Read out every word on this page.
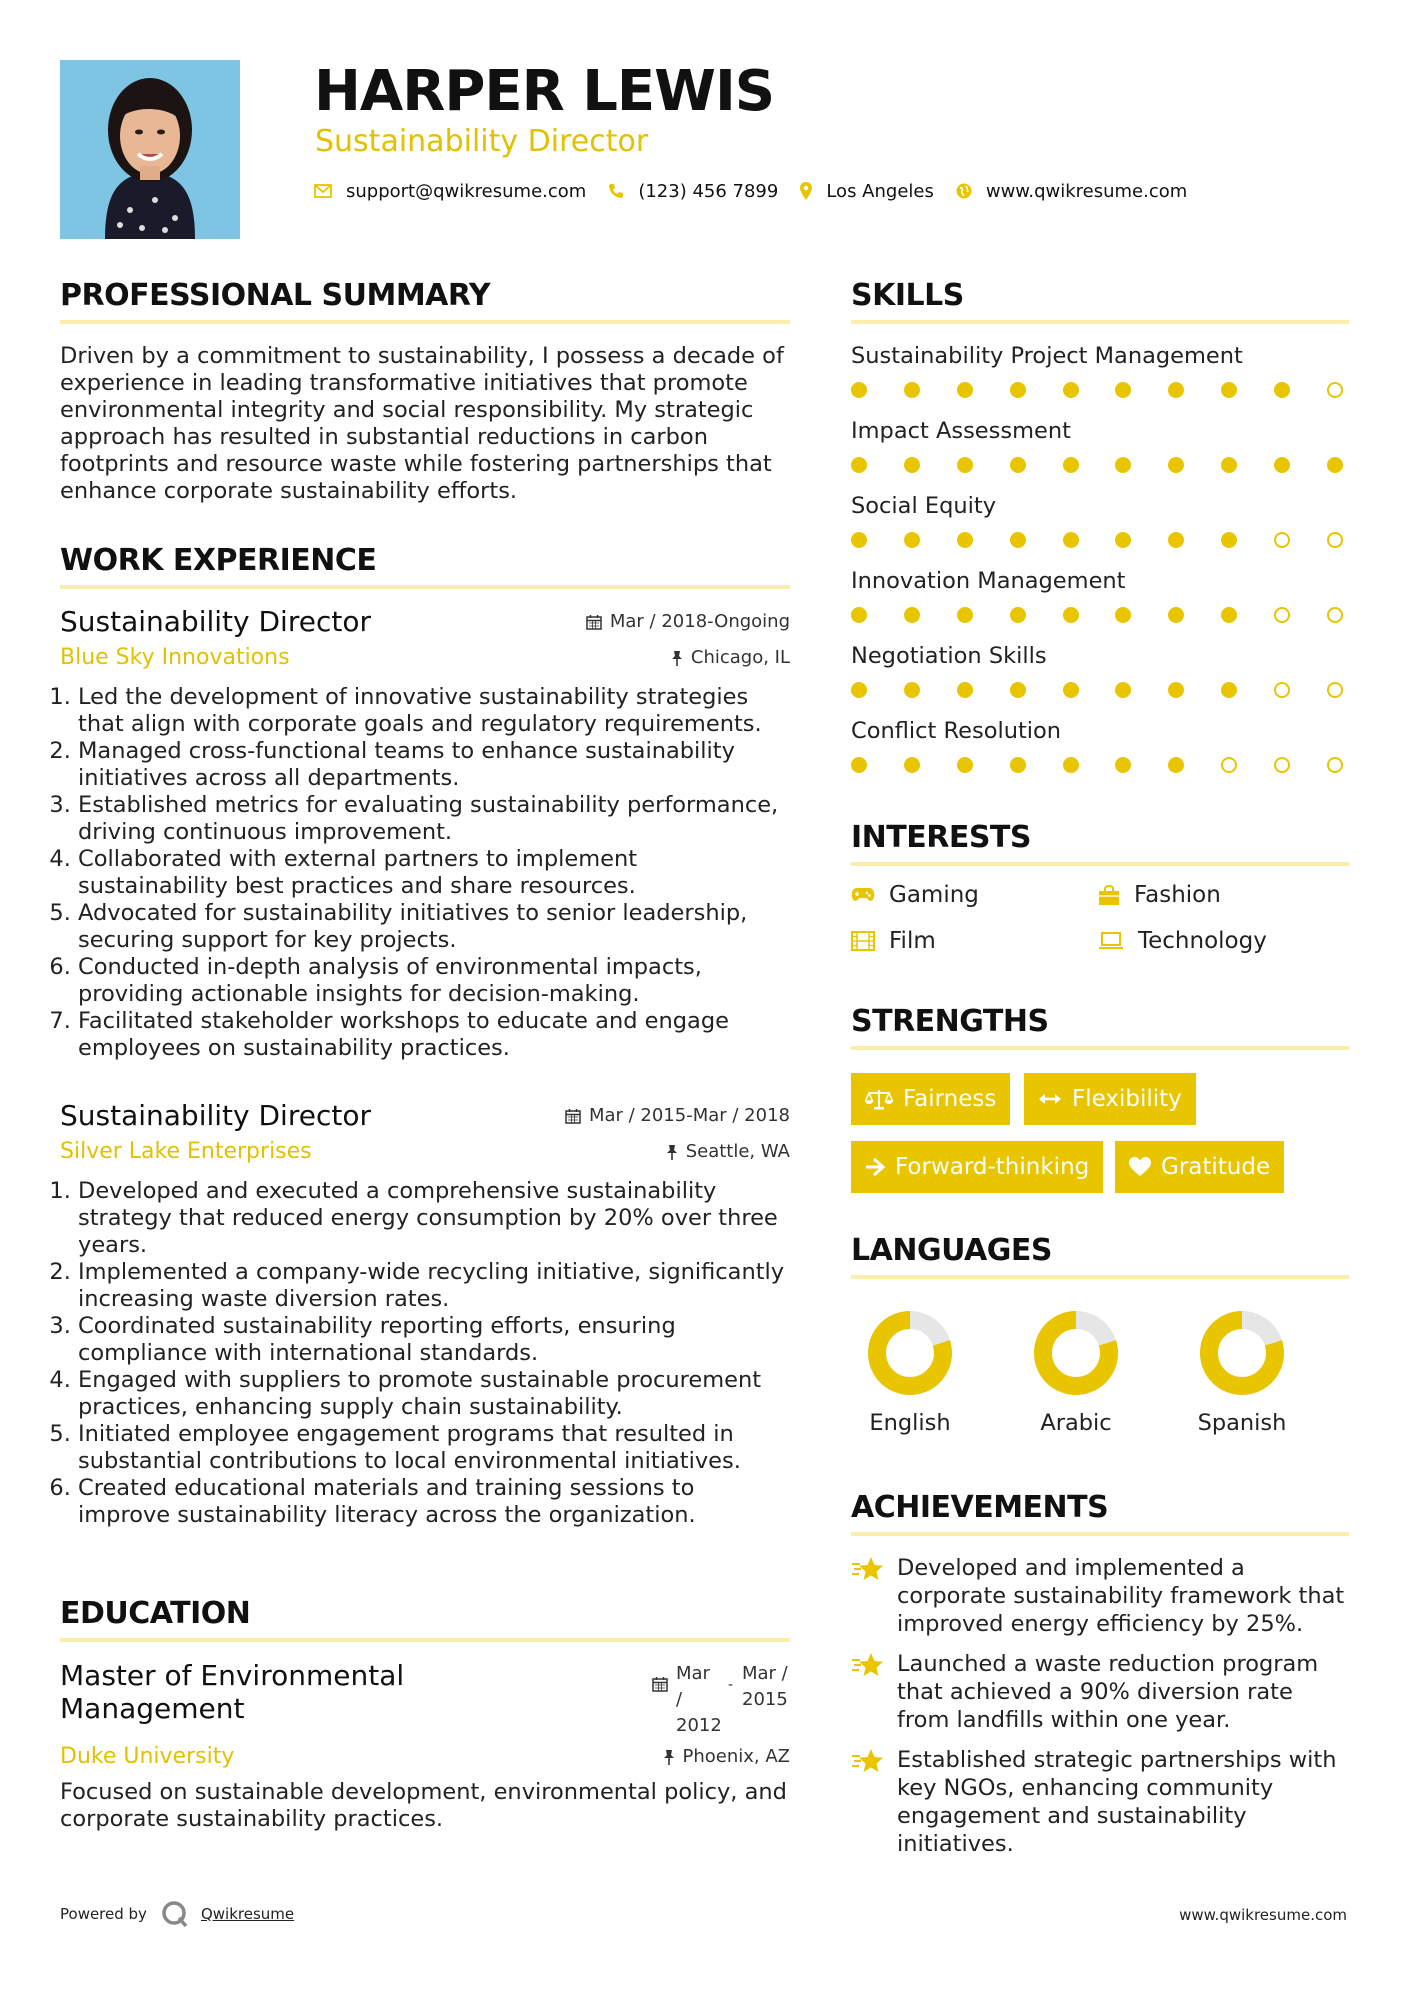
HARPER LEWIS
Sustainability Director
support@qwikresume.com	(123) 456 7899	Los Angeles	www.qwikresume.com
PROFESSIONAL SUMMARY
Driven by a commitment to sustainability, I possess a decade of experience in leading transformative initiatives that promote environmental integrity and social responsibility. My strategic approach has resulted in substantial reductions in carbon footprints and resource waste while fostering partnerships that enhance corporate sustainability efforts.
WORK EXPERIENCE
Sustainability Director	Mar / 2018-Ongoing
Blue Sky Innovations	Chicago, IL
1. Led the development of innovative sustainability strategies that align with corporate goals and regulatory requirements.
2. Managed cross-functional teams to enhance sustainability initiatives across all departments.
3. Established metrics for evaluating sustainability performance, driving continuous improvement.
4. Collaborated with external partners to implement sustainability best practices and share resources.
5. Advocated for sustainability initiatives to senior leadership, securing support for key projects.
6. Conducted in-depth analysis of environmental impacts, providing actionable insights for decision-making.
7. Facilitated stakeholder workshops to educate and engage employees on sustainability practices.
Sustainability Director	Mar / 2015-Mar / 2018
Silver Lake Enterprises	Seattle, WA
1. Developed and executed a comprehensive sustainability strategy that reduced energy consumption by 20% over three years.
2. Implemented a company-wide recycling initiative, significantly increasing waste diversion rates.
3. Coordinated sustainability reporting efforts, ensuring compliance with international standards.
4. Engaged with suppliers to promote sustainable procurement practices, enhancing supply chain sustainability.
5. Initiated employee engagement programs that resulted in substantial contributions to local environmental initiatives.
6. Created educational materials and training sessions to improve sustainability literacy across the organization.
EDUCATION
Master of Environmental Management
Mar /
2012
-
Mar /
2015
Duke University	Phoenix, AZ
Focused on sustainable development, environmental policy, and corporate sustainability practices.
SKILLS
Sustainability Project Management
Impact Assessment
Social Equity
Innovation Management
Negotiation Skills
Conflict Resolution
INTERESTS
Gaming	Fashion
Film	Technology
STRENGTHS
Fairness	Flexibility
Forward-thinking	Gratitude
LANGUAGES
English	Arabic	Spanish
ACHIEVEMENTS
Developed and implemented a corporate sustainability framework that improved energy efficiency by 25%.
Launched a waste reduction program that achieved a 90% diversion rate from landfills within one year.
Established strategic partnerships with key NGOs, enhancing community engagement and sustainability initiatives.
Powered by	Qwikresume	www.qwikresume.com
